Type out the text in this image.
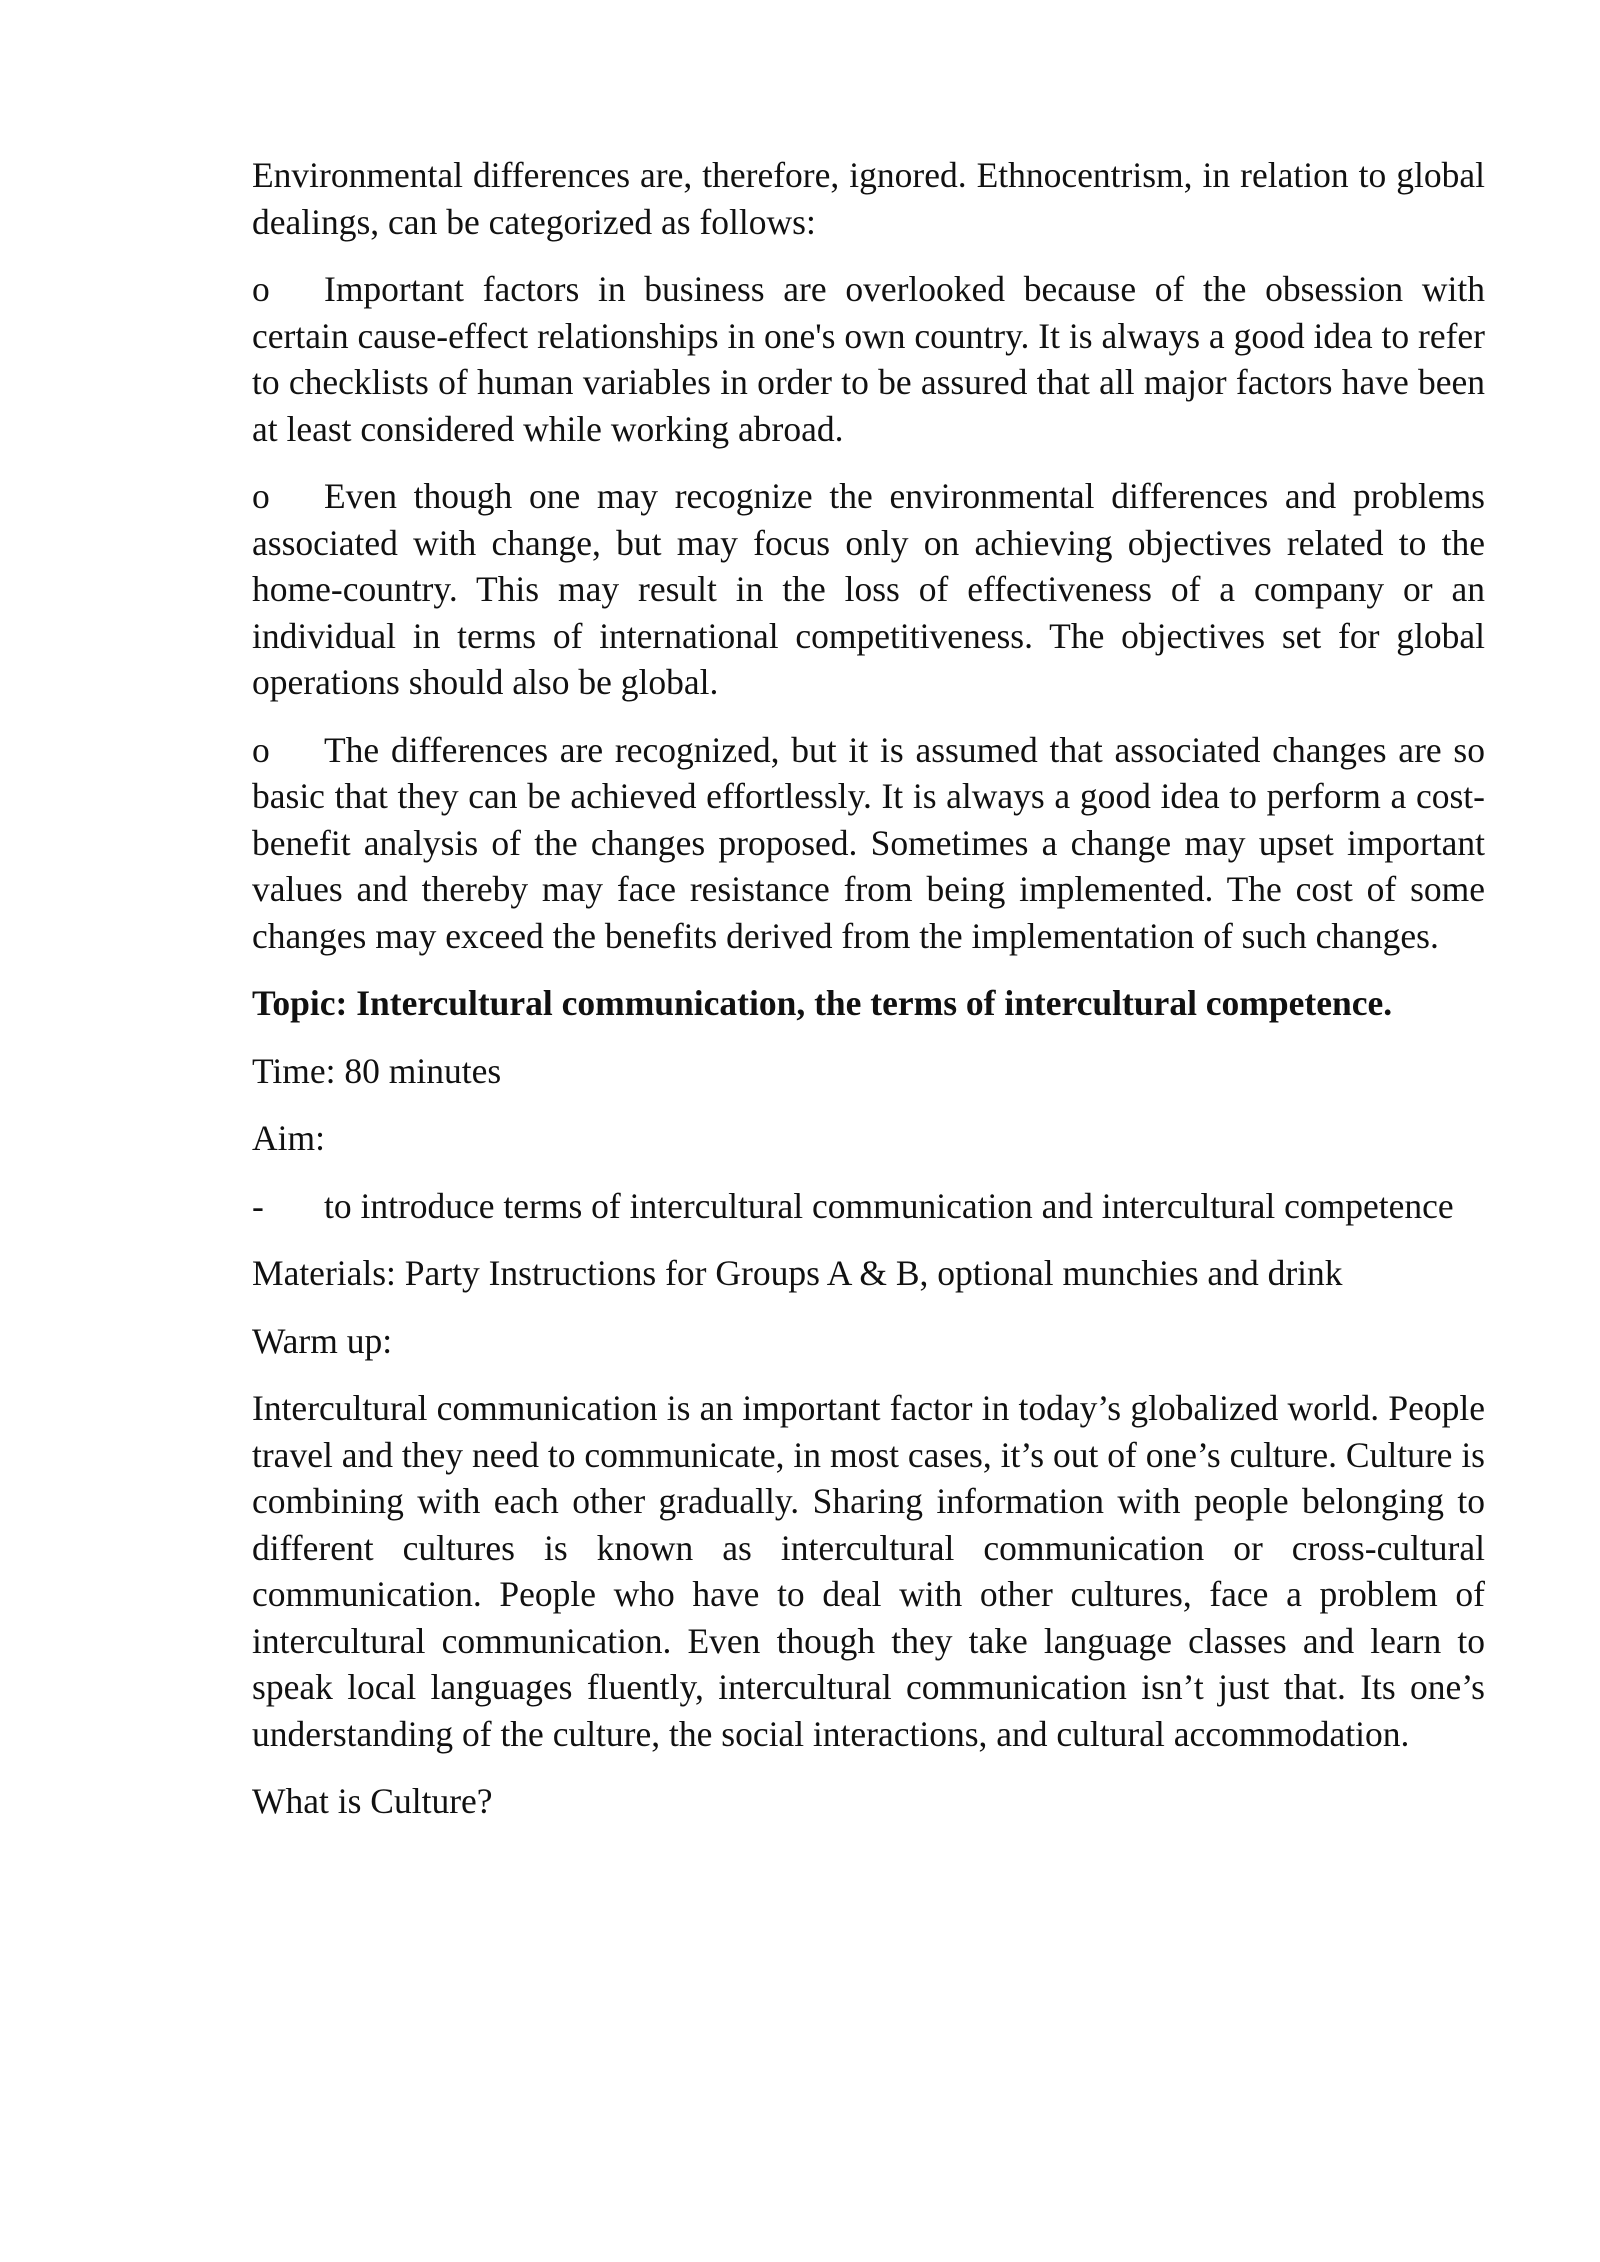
Environmental differences are, therefore, ignored. Ethnocentrism, in relation to global dealings, can be categorized as follows:

o Important factors in business are overlooked because of the obsession with certain cause-effect relationships in one's own country. It is always a good idea to refer to checklists of human variables in order to be assured that all major factors have been at least considered while working abroad.

o Even though one may recognize the environmental differences and problems associated with change, but may focus only on achieving objectives related to the home-country. This may result in the loss of effectiveness of a company or an individual in terms of international competitiveness. The objectives set for global operations should also be global.

o The differences are recognized, but it is assumed that associated changes are so basic that they can be achieved effortlessly. It is always a good idea to perform a cost-benefit analysis of the changes proposed. Sometimes a change may upset important values and thereby may face resistance from being implemented. The cost of some changes may exceed the benefits derived from the implementation of such changes.

Topic: Intercultural communication, the terms of intercultural competence.

Time: 80 minutes

Aim:

- to introduce terms of intercultural communication and intercultural competence

Materials: Party Instructions for Groups A & B, optional munchies and drink

Warm up:

Intercultural communication is an important factor in today’s globalized world. People travel and they need to communicate, in most cases, it’s out of one’s culture. Culture is combining with each other gradually. Sharing information with people belonging to different cultures is known as intercultural communication or cross-cultural communication. People who have to deal with other cultures, face a problem of intercultural communication. Even though they take language classes and learn to speak local languages fluently, intercultural communication isn’t just that. Its one’s understanding of the culture, the social interactions, and cultural accommodation.

What is Culture?
